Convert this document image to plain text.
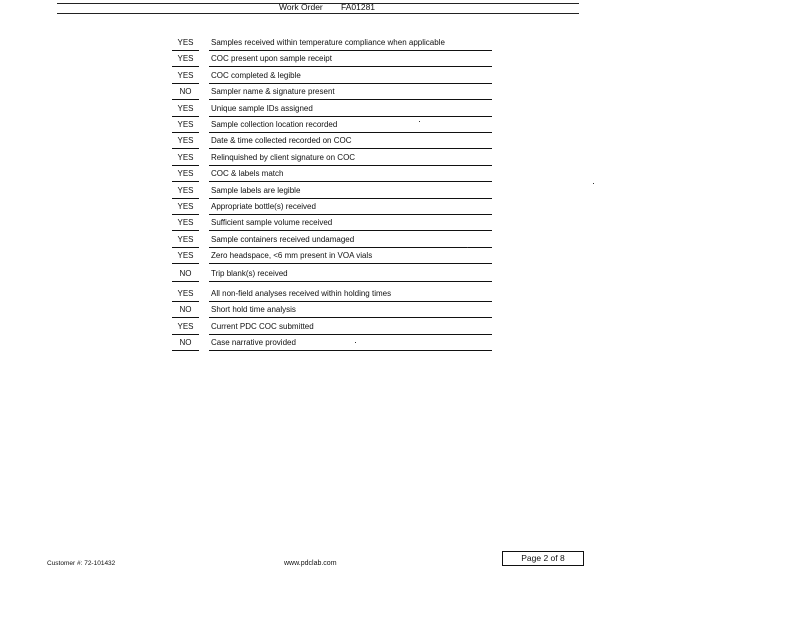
Work Order FA01281
YES	Samples received within temperature compliance when applicable
YES	COC present upon sample receipt
YES	COC completed & legible
NO	Sampler name & signature present
YES	Unique sample IDs assigned
YES	Sample collection location recorded
YES	Date & time collected recorded on COC
YES	Relinquished by client signature on COC
YES	COC & labels match
YES	Sample labels are legible
YES	Appropriate bottle(s) received
YES	Sufficient sample volume received
YES	Sample containers received undamaged
YES	Zero headspace, <6 mm present in VOA vials
NO	Trip blank(s) received
YES	All non-field analyses received within holding times
NO	Short hold time analysis
YES	Current PDC COC submitted
NO	Case narrative provided
Customer #: 72-101432	www.pdclab.com
Page 2 of 8
